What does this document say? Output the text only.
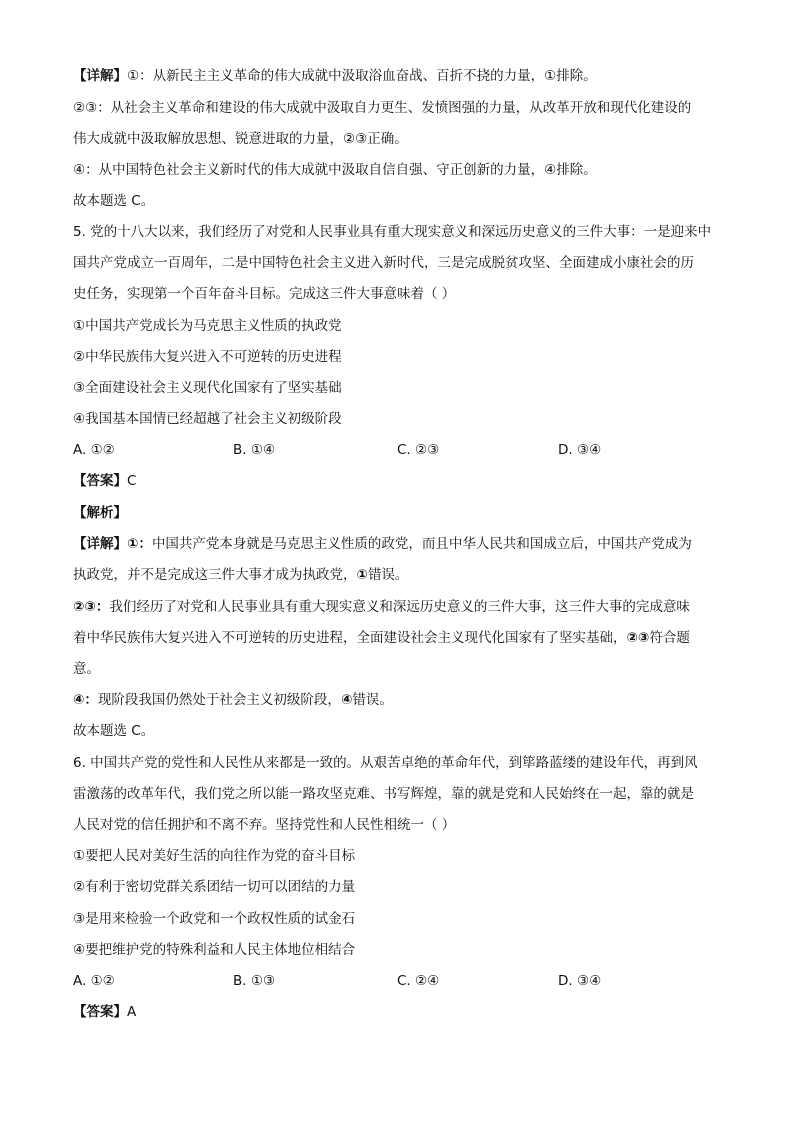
【详解】①：从新民主主义革命的伟大成就中汲取浴血奋战、百折不挠的力量，①排除。
②③：从社会主义革命和建设的伟大成就中汲取自力更生、发愤图强的力量，从改革开放和现代化建设的
伟大成就中汲取解放思想、锐意进取的力量，②③正确。
④：从中国特色社会主义新时代的伟大成就中汲取自信自强、守正创新的力量，④排除。
故本题选 C。
5. 党的十八大以来，我们经历了对党和人民事业具有重大现实意义和深远历史意义的三件大事：一是迎来中
国共产党成立一百周年，二是中国特色社会主义进入新时代，三是完成脱贫攻坚、全面建成小康社会的历
史任务，实现第一个百年奋斗目标。完成这三件大事意味着（ ）
①中国共产党成长为马克思主义性质的执政党
②中华民族伟大复兴进入不可逆转的历史进程
③全面建设社会主义现代化国家有了坚实基础
④我国基本国情已经超越了社会主义初级阶段
A. ①②	B. ①④	C. ②③	D. ③④
【答案】C
【解析】
【详解】①：中国共产党本身就是马克思主义性质的政党，而且中华人民共和国成立后，中国共产党成为
执政党，并不是完成这三件大事才成为执政党，①错误。
②③：我们经历了对党和人民事业具有重大现实意义和深远历史意义的三件大事，这三件大事的完成意味
着中华民族伟大复兴进入不可逆转的历史进程，全面建设社会主义现代化国家有了坚实基础，②③符合题
意。
④：现阶段我国仍然处于社会主义初级阶段，④错误。
故本题选 C。
6. 中国共产党的党性和人民性从来都是一致的。从艰苦卓绝的革命年代，到筚路蓝缕的建设年代，再到风
雷激荡的改革年代，我们党之所以能一路攻坚克难、书写辉煌，靠的就是党和人民始终在一起，靠的就是
人民对党的信任拥护和不离不弃。坚持党性和人民性相统一（ ）
①要把人民对美好生活的向往作为党的奋斗目标
②有利于密切党群关系团结一切可以团结的力量
③是用来检验一个政党和一个政权性质的试金石
④要把维护党的特殊利益和人民主体地位相结合
A. ①②	B. ①③	C. ②④	D. ③④
【答案】A
